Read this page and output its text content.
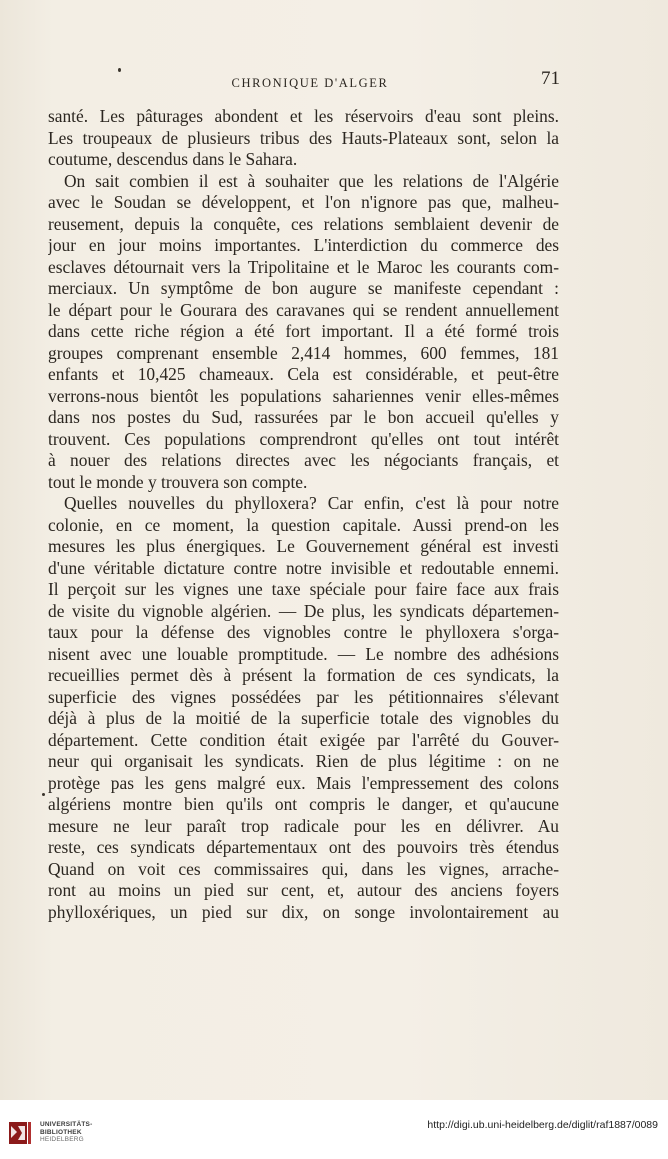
CHRONIQUE D'ALGER	71
santé. Les pâturages abondent et les réservoirs d'eau sont pleins.
Les troupeaux de plusieurs tribus des Hauts-Plateaux sont, selon la
coutume, descendus dans le Sahara.
On sait combien il est à souhaiter que les relations de l'Algérie
avec le Soudan se développent, et l'on n'ignore pas que, malheu-
reusement, depuis la conquête, ces relations semblaient devenir de
jour en jour moins importantes. L'interdiction du commerce des
esclaves détournait vers la Tripolitaine et le Maroc les courants com-
merciaux. Un symptôme de bon augure se manifeste cependant :
le départ pour le Gourara des caravanes qui se rendent annuellement
dans cette riche région a été fort important. Il a été formé trois
groupes comprenant ensemble 2,414 hommes, 600 femmes, 181
enfants et 10,425 chameaux. Cela est considérable, et peut-être
verrons-nous bientôt les populations sahariennes venir elles-mêmes
dans nos postes du Sud, rassurées par le bon accueil qu'elles y
trouvent. Ces populations comprendront qu'elles ont tout intérêt
à nouer des relations directes avec les négociants français, et
tout le monde y trouvera son compte.
Quelles nouvelles du phylloxera? Car enfin, c'est là pour notre
colonie, en ce moment, la question capitale. Aussi prend-on les
mesures les plus énergiques. Le Gouvernement général est investi
d'une véritable dictature contre notre invisible et redoutable ennemi.
Il perçoit sur les vignes une taxe spéciale pour faire face aux frais
de visite du vignoble algérien. — De plus, les syndicats départemen-
taux pour la défense des vignobles contre le phylloxera s'orga-
nisent avec une louable promptitude. — Le nombre des adhésions
recueillies permet dès à présent la formation de ces syndicats, la
superficie des vignes possédées par les pétitionnaires s'élevant
déjà à plus de la moitié de la superficie totale des vignobles du
département. Cette condition était exigée par l'arrêté du Gouver-
neur qui organisait les syndicats. Rien de plus légitime : on ne
protège pas les gens malgré eux. Mais l'empressement des colons
algériens montre bien qu'ils ont compris le danger, et qu'aucune
mesure ne leur paraît trop radicale pour les en délivrer. Au
reste, ces syndicats départementaux ont des pouvoirs très étendus
Quand on voit ces commissaires qui, dans les vignes, arrache-
ront au moins un pied sur cent, et, autour des anciens foyers
phylloxériques, un pied sur dix, on songe involontairement au
UNIVERSITÄTS-
BIBLIOTHEK
HEIDELBERG
http://digi.ub.uni-heidelberg.de/diglit/raf1887/0089
